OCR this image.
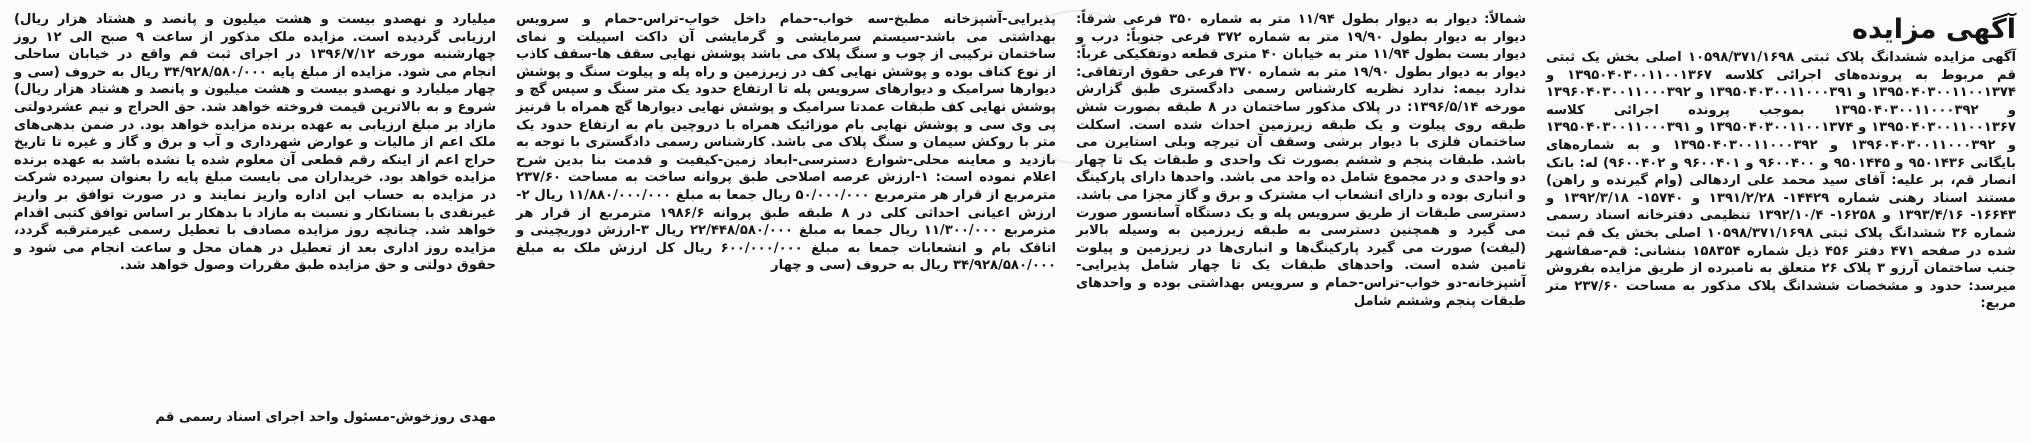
آگهی مزایده

آگهی مزایده ششدانگ پلاک ثبتی ۱۰۵۹۸/۳۷۱/۱۶۹۸ اصلی بخش یک ثبتی قم مربوط به پرونده‌های اجرائی کلاسه ۱۳۹۵۰۴۰۳۰۰۱۱۰۰۱۳۶۷ و ۱۳۹۵۰۴۰۳۰۰۱۱۰۰۱۳۷۴ و ۱۳۹۵۰۴۰۳۰۰۱۱۰۰۰۳۹۱ و ۱۳۹۶۰۴۰۳۰۰۱۱۰۰۰۳۹۲ و ۱۳۹۵۰۴۰۳۰۰۱۱۰۰۰۳۹۲ بموجب پرونده اجرائی کلاسه ۱۳۹۵۰۴۰۳۰۰۱۱۰۰۱۳۶۷ و ۱۳۹۵۰۴۰۳۰۰۱۱۰۰۱۳۷۴ و ۱۳۹۵۰۴۰۳۰۰۱۱۰۰۰۳۹۱ و ۱۳۹۶۰۴۰۳۰۰۱۱۰۰۰۳۹۲ و ۱۳۹۵۰۴۰۳۰۰۱۱۰۰۰۳۹۲ و به شماره‌های بایگانی ۹۵۰۱۴۳۶ و ۹۵۰۱۴۴۵ و ۹۶۰۰۴۰۰ و ۹۶۰۰۴۰۱ و ۹۶۰۰۴۰۲) له: بانک انصار قم، بر علیه: آقای سید محمد علی اردهالی (وام گیرنده و راهن) مستند اسناد رهنی شماره ۱۴۴۲۹- ۱۳۹۱/۲/۲۸ و ۱۵۷۴۰- ۱۳۹۲/۳/۱۸ و ۱۶۶۴۳- ۱۳۹۳/۴/۱۶ و ۱۶۲۵۸- ۱۳۹۲/۱۰/۴ تنظیمی دفترخانه اسناد رسمی شماره ۳۶ ششدانگ پلاک ثبتی ۱۰۵۹۸/۳۷۱/۱۶۹۸ اصلی بخش یک قم ثبت شده در صفحه ۴۷۱ دفتر ۴۵۶ ذیل شماره ۱۵۸۳۵۴ بنشانی: قم-صفاشهر جنب ساختمان آرزو ۳ پلاک ۲۶ متعلق به نامبرده از طریق مزایده بفروش میرسد: حدود و مشخصات ششدانگ پلاک مذکور به مساحت ۲۳۷/۶۰ متر مربع:

شمالاً: دیوار به دیوار بطول ۱۱/۹۴ متر به شماره ۳۵۰ فرعی شرقاً: دیوار به دیوار بطول ۱۹/۹۰ متر به شماره ۳۷۲ فرعی جنوباً: درب و دیوار بست بطول ۱۱/۹۴ متر به خیابان ۴۰ متری قطعه دوتفکیکی غرباً: دیوار به دیوار بطول ۱۹/۹۰ متر به شماره ۳۷۰ فرعی حقوق ارتفاقی: ندارد بیمه: ندارد نظریه کارشناس رسمی دادگستری طبق گزارش مورخه ۱۳۹۶/۵/۱۴: در پلاک مذکور ساختمان در ۸ طبقه بصورت شش طبقه روی پیلوت و یک طبقه زیرزمین احداث شده است. اسکلت ساختمان فلزی با دیوار برشی وسقف آن تیرچه وبلی استایرن می باشد. طبقات پنجم و ششم بصورت تک واحدی و طبقات یک تا چهار دو واحدی و در مجموع شامل ده واحد می باشد. واحدها دارای پارکینگ و انباری بوده و دارای انشعاب اب مشترک و برق و گاز مجزا می باشد. دسترسی طبقات از طریق سرویس پله و یک دستگاه آسانسور صورت می گیرد و همچنین دسترسی به طبقه زیرزمین به وسیله بالابر (لیفت) صورت می گیرد پارکینگ‌ها و انباری‌ها در زیرزمین و پیلوت تامین شده است. واحدهای طبقات یک تا چهار شامل پذیرایی-آشپزخانه-دو خواب-تراس-حمام و سرویس بهداشتی بوده و واحدهای طبقات پنجم وششم شامل

پذیرایی-آشپزخانه مطبخ-سه خواب-حمام داخل خواب-تراس-حمام و سرویس بهداشتی می باشد-سیستم سرمایشی و گرمایشی آن داکت اسپیلت و نمای ساختمان ترکیبی از چوب و سنگ پلاک می باشد پوشش نهایی سقف ها-سقف کاذب از نوع کناف بوده و پوشش نهایی کف در زیرزمین و راه پله و پیلوت سنگ و پوشش دیوارها سرامیک و دیوارهای سرویس پله تا ارتفاع حدود یک متر سنگ و سپس گچ و پوشش نهایی کف طبقات عمدتا سرامیک و پوشش نهایی دیوارها گچ همراه با قرنیز پی وی سی و پوشش نهایی بام موزائیک همراه با دروچین بام به ارتفاع حدود یک متر با روکش سیمان و سنگ پلاک می باشد. کارشناس رسمی دادگستری با توجه به بازدید و معاینه محلی-شوارع دسترسی-ابعاد زمین-کیفیت و قدمت بنا بدین شرح اعلام نموده است: ۱-ارزش عرصه اصلاحی طبق پروانه ساخت به مساحت ۲۳۷/۶۰ مترمربع از قرار هر مترمربع ۵۰/۰۰۰/۰۰۰ ریال جمعا به مبلغ ۱۱/۸۸۰/۰۰۰/۰۰۰ ریال ۲-ارزش اعیانی احداثی کلی در ۸ طبقه طبق پروانه ۱۹۸۶/۶ مترمربع از قرار هر مترمربع ۱۱/۳۰۰/۰۰۰ ریال جمعا به مبلغ ۲۲/۴۴۸/۵۸۰/۰۰۰ ریال ۳-ارزش دوریچینی و اتاقک بام و انشعابات جمعا به مبلغ ۶۰۰/۰۰۰/۰۰۰ ریال کل ارزش ملک به مبلغ ۳۴/۹۲۸/۵۸۰/۰۰۰ ریال به حروف (سی و چهار

میلیارد و نهصدو بیست و هشت میلیون و پانصد و هشتاد هزار ریال) ارزیابی گردیده است. مزایده ملک مذکور از ساعت ۹ صبح الی ۱۲ روز چهارشنبه مورخه ۱۳۹۶/۷/۱۲ در اجرای ثبت قم واقع در خیابان ساحلی انجام می شود. مزایده از مبلغ پایه ۳۴/۹۲۸/۵۸۰/۰۰۰ ریال به حروف (سی و چهار میلیارد و نهصدو بیست و هشت میلیون و پانصد و هشتاد هزار ریال) شروع و به بالاترین قیمت فروخته خواهد شد. حق الحراج و نیم عشردولتی مازاد بر مبلغ ارزیابی به عهده برنده مزایده خواهد بود. در ضمن بدهی‌های ملک اعم از مالیات و عوارض شهرداری و آب و برق و گاز و غیره تا تاریخ حراج اعم از اینکه رقم قطعی آن معلوم شده یا نشده باشد به عهده برنده مزایده خواهد بود. خریداران می بایست مبلغ پایه را بعنوان سپرده شرکت در مزایده به حساب این اداره واریز نمایند و در صورت توافق بر واریز غیرنقدی با بستانکار و نسبت به مازاد با بدهکار بر اساس توافق کتبی اقدام خواهد شد. چنانچه روز مزایده مصادف با تعطیل رسمی غیرمترقبه گردد، مزایده روز اداری بعد از تعطیل در همان محل و ساعت انجام می شود و حقوق دولتی و حق مزایده طبق مقررات وصول خواهد شد.

مهدی روزخوش-مسئول واحد اجرای اسناد رسمی قم
